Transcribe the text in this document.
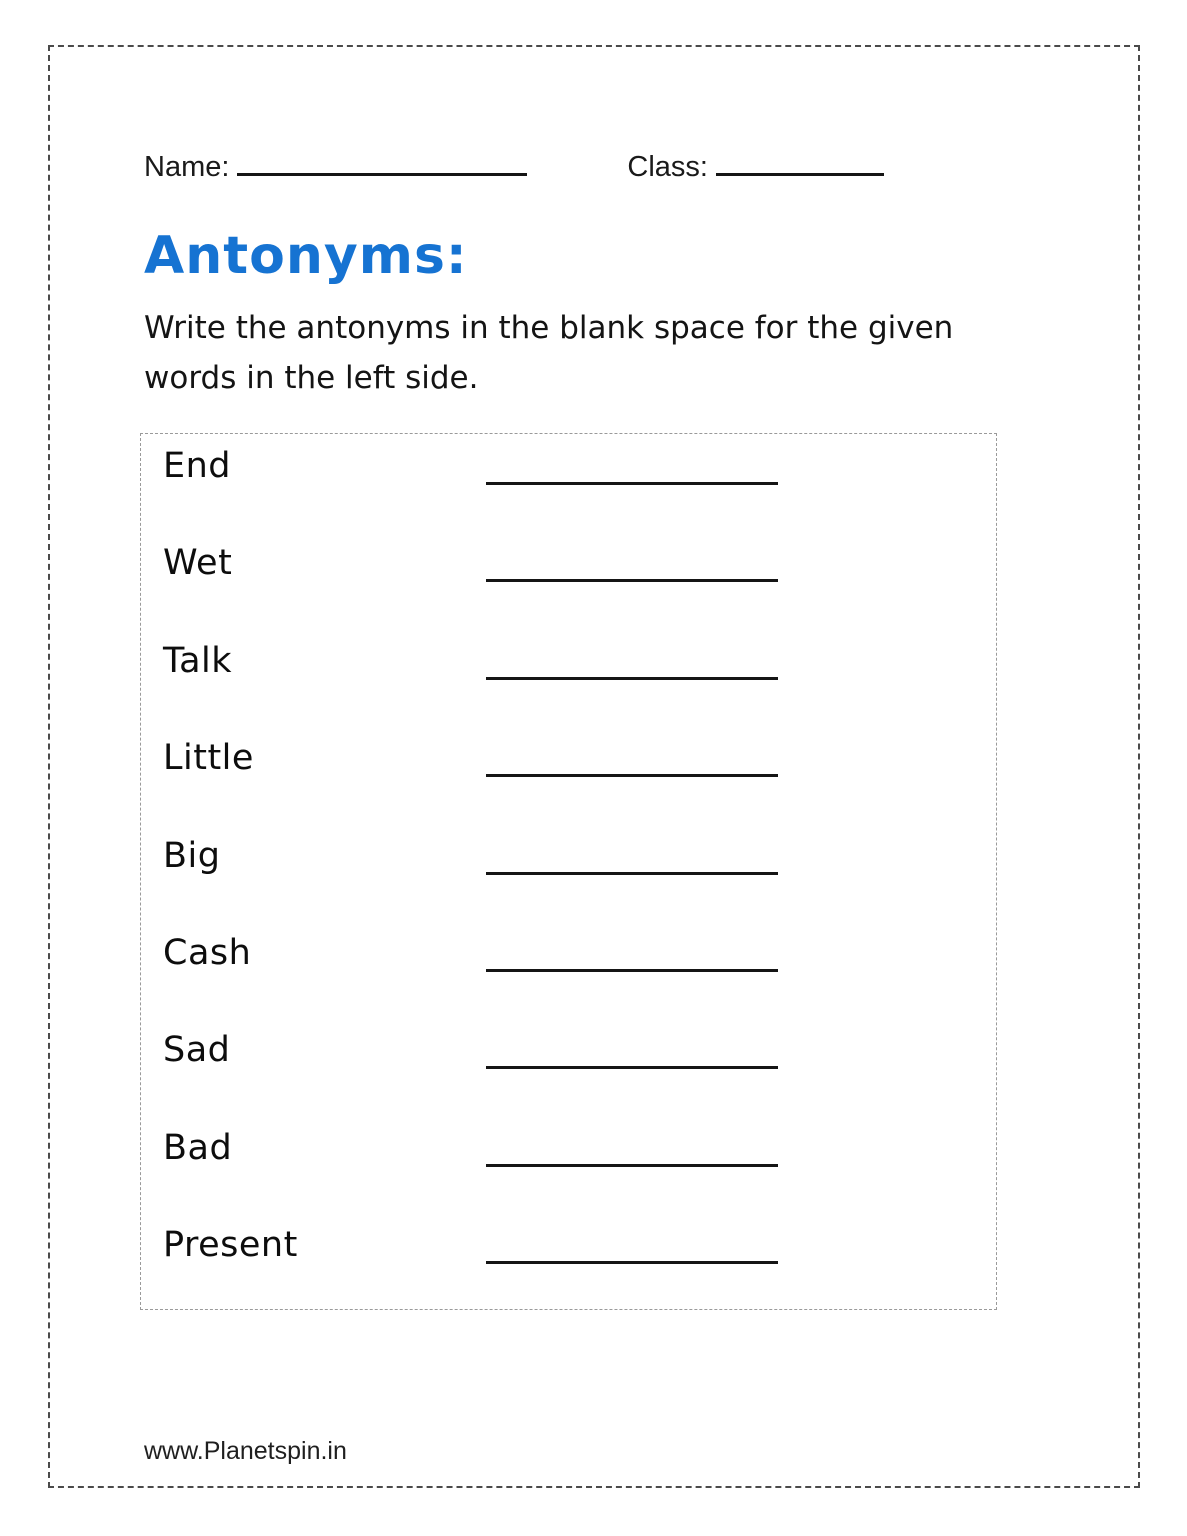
Name:	Class:
Antonyms:
Write the antonyms in the blank space for the given words in the left side.
End
Wet
Talk
Little
Big
Cash
Sad
Bad
Present
www.Planetspin.in
